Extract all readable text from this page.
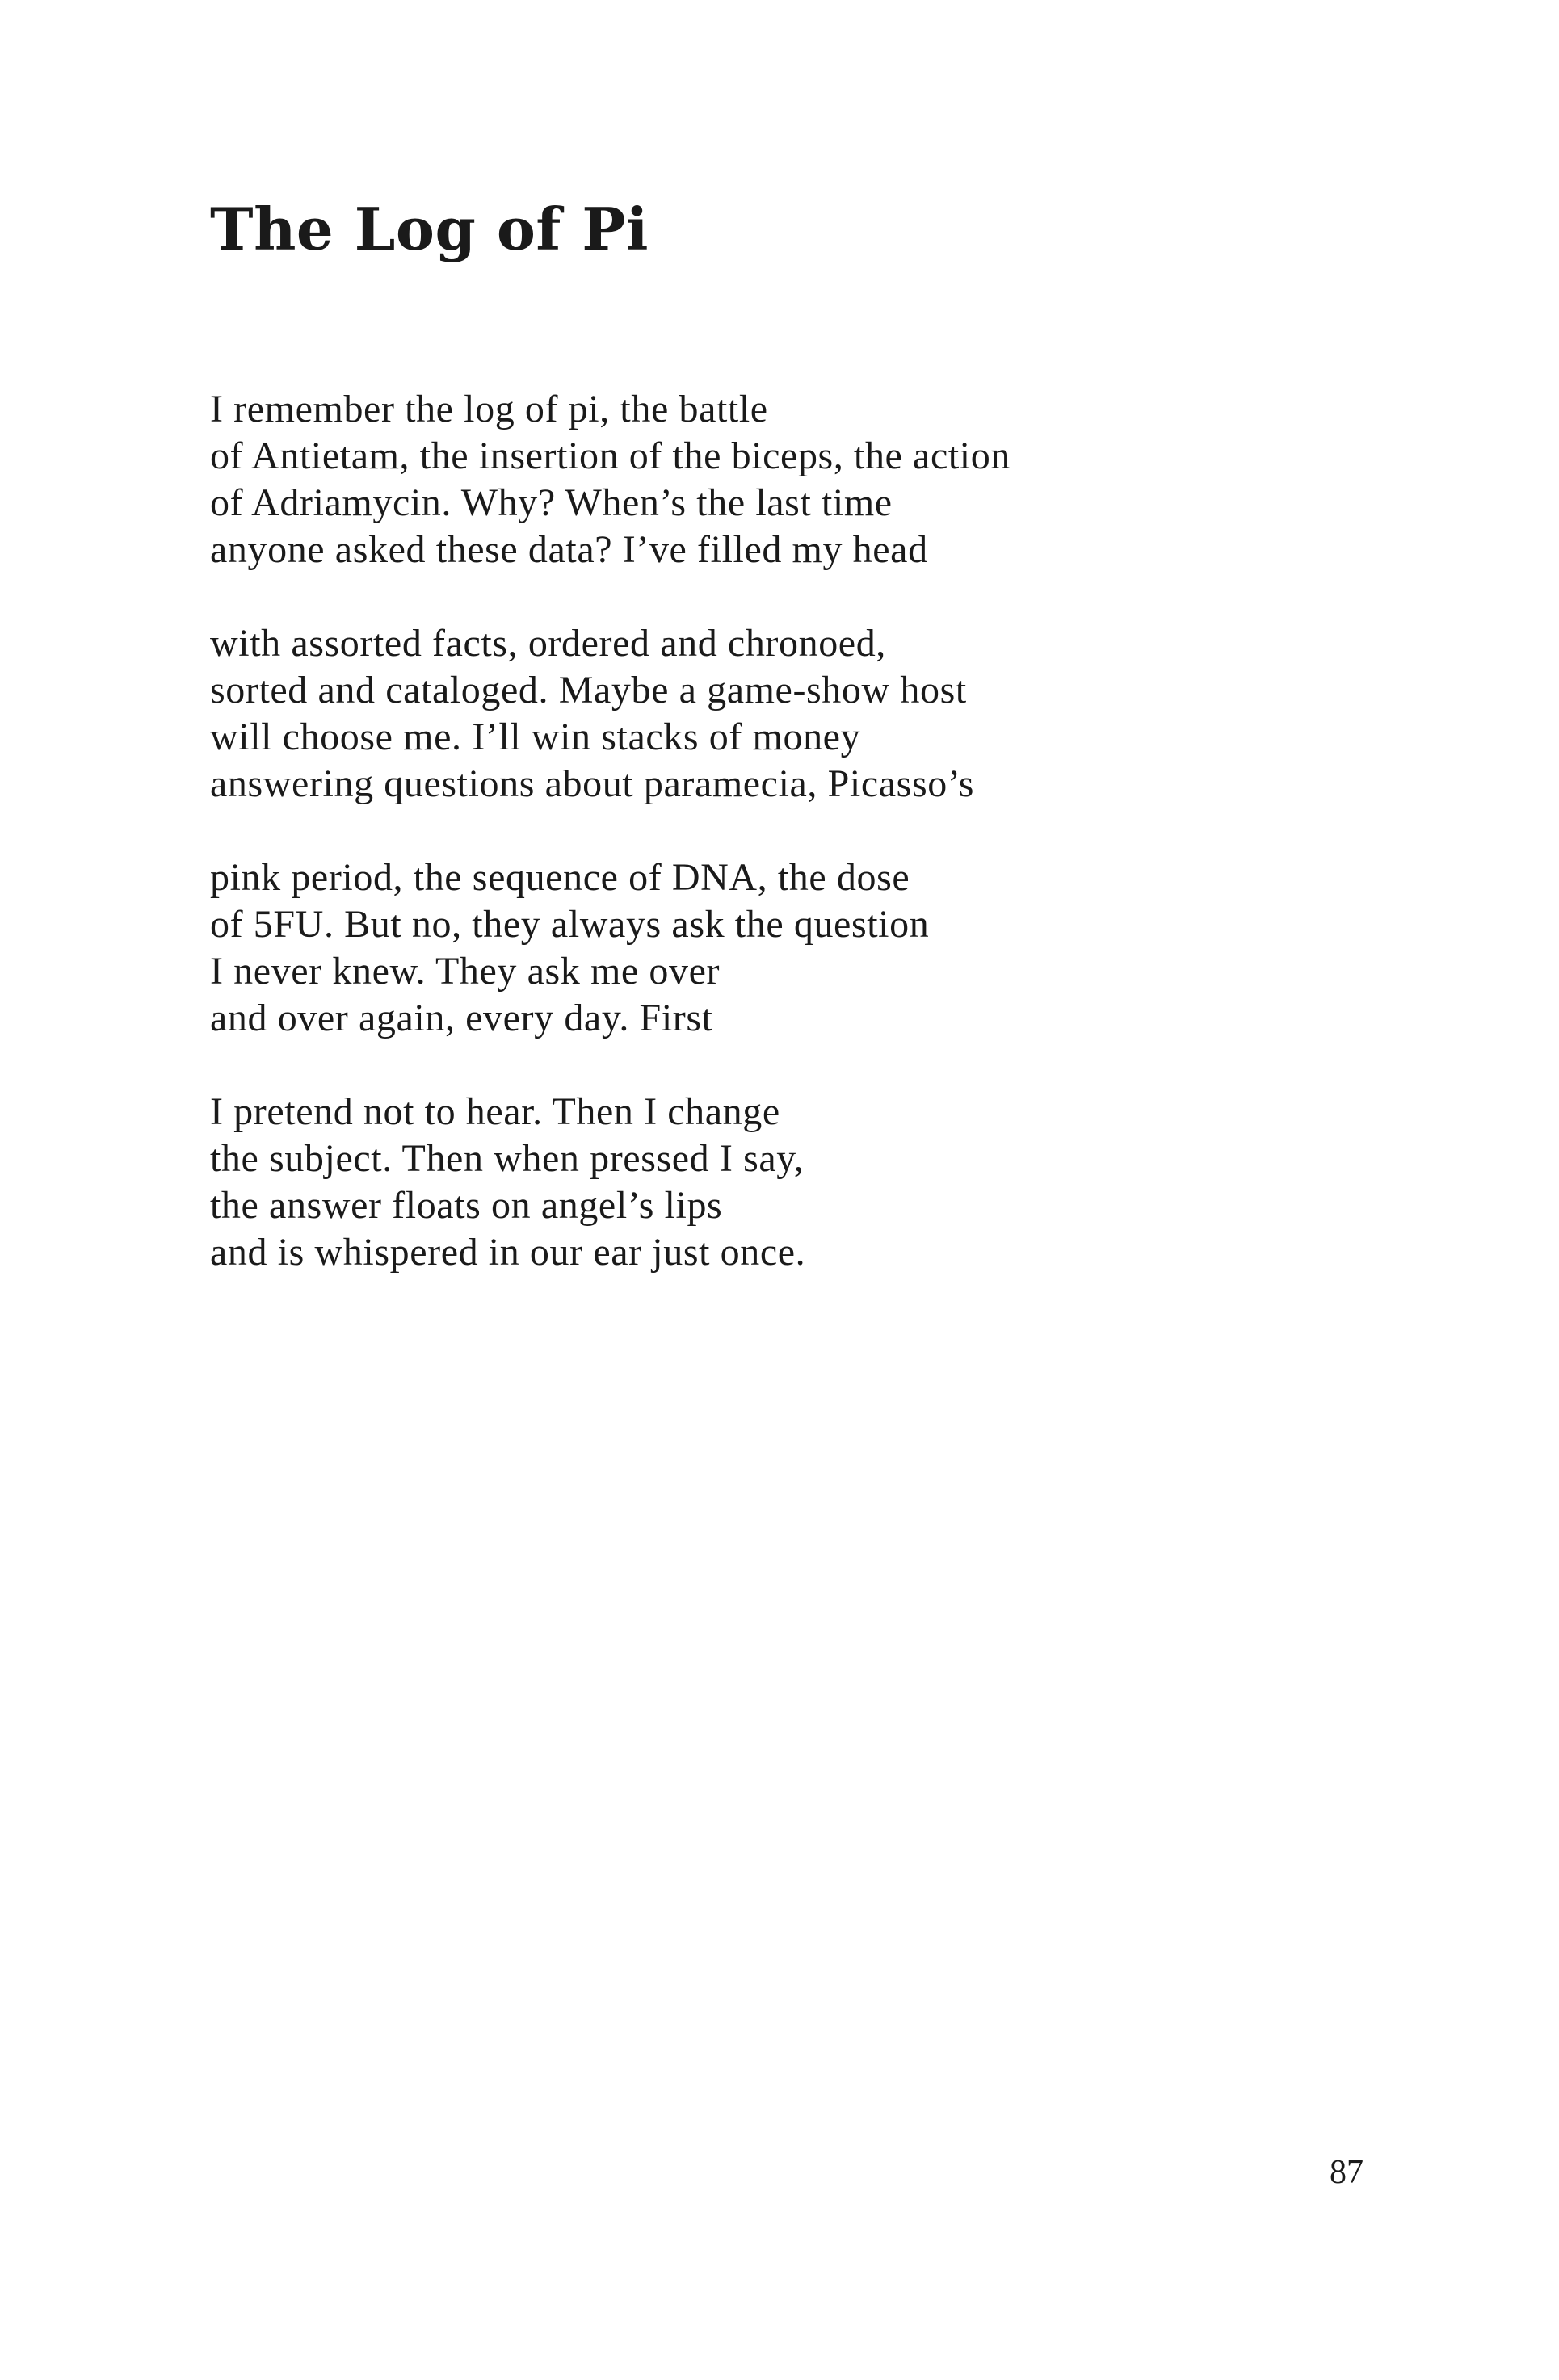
The Log of Pi
I remember the log of pi, the battle
of Antietam, the insertion of the biceps, the action
of Adriamycin. Why? When’s the last time
anyone asked these data? I’ve filled my head
with assorted facts, ordered and chronoed,
sorted and cataloged. Maybe a game-show host
will choose me. I’ll win stacks of money
answering questions about paramecia, Picasso’s
pink period, the sequence of DNA, the dose
of 5FU. But no, they always ask the question
I never knew. They ask me over
and over again, every day. First
I pretend not to hear. Then I change
the subject. Then when pressed I say,
the answer floats on angel’s lips
and is whispered in our ear just once.
87
